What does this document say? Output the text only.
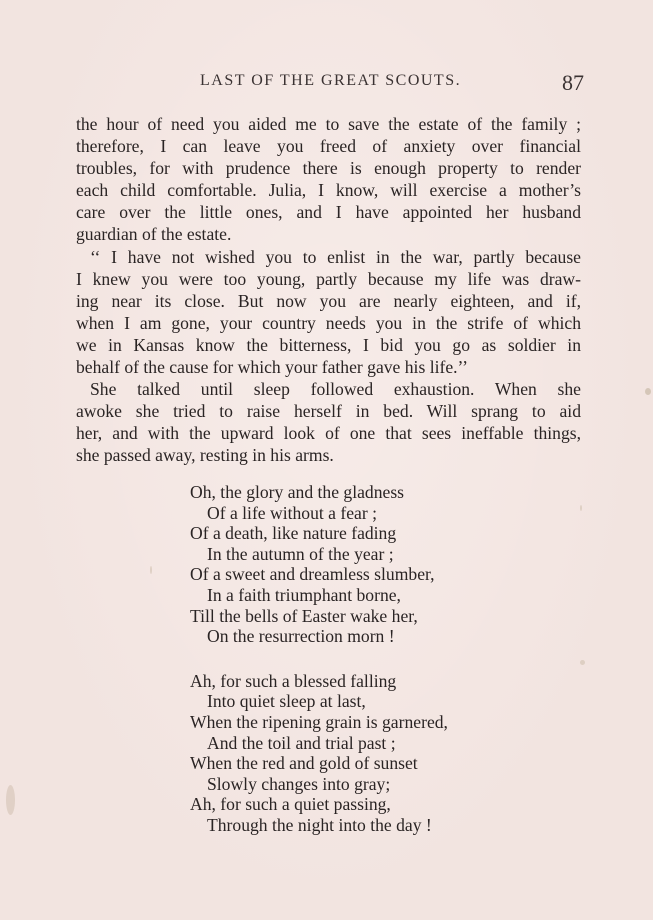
LAST OF THE GREAT SCOUTS.	87
the hour of need you aided me to save the estate of the family ;
therefore, I can leave you freed of anxiety over financial
troubles, for with prudence there is enough property to render
each child comfortable. Julia, I know, will exercise a mother’s
care over the little ones, and I have appointed her husband
guardian of the estate.
‘‘ I have not wished you to enlist in the war, partly because
I knew you were too young, partly because my life was draw-
ing near its close. But now you are nearly eighteen, and if,
when I am gone, your country needs you in the strife of which
we in Kansas know the bitterness, I bid you go as soldier in
behalf of the cause for which your father gave his life.’’
She talked until sleep followed exhaustion. When she
awoke she tried to raise herself in bed. Will sprang to aid
her, and with the upward look of one that sees ineffable things,
she passed away, resting in his arms.
Oh, the glory and the gladness
Of a life without a fear ;
Of a death, like nature fading
In the autumn of the year ;
Of a sweet and dreamless slumber,
In a faith triumphant borne,
Till the bells of Easter wake her,
On the resurrection morn !
Ah, for such a blessed falling
Into quiet sleep at last,
When the ripening grain is garnered,
And the toil and trial past ;
When the red and gold of sunset
Slowly changes into gray;
Ah, for such a quiet passing,
Through the night into the day !
